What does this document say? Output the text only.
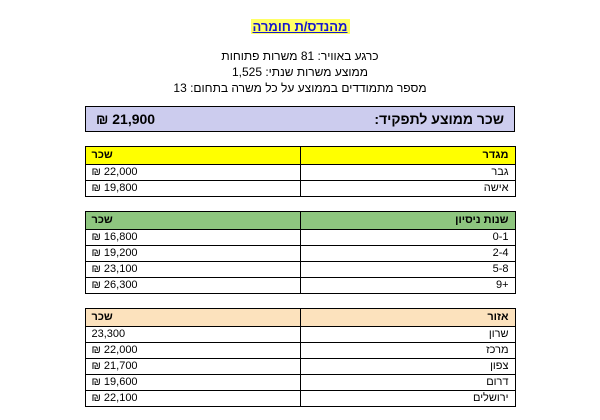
מהנדס/ת חומרה
כרגע באוויר: 81 משרות פתוחות
ממוצע משרות שנתי: 1,525
מספר מתמודדים בממוצע על כל משרה בתחום: 13
שכר ממוצע לתפקיד:
21,900 ₪
מגדר	שכר
גבר	22,000 ₪
אישה	19,800 ₪
שנות ניסיון	שכר
0-1	16,800 ₪
2-4	19,200 ₪
5-8	23,100 ₪
+9	26,300 ₪
אזור	שכר
שרון	23,300
מרכז	22,000 ₪
צפון	21,700 ₪
דרום	19,600 ₪
ירושלים	22,100 ₪
